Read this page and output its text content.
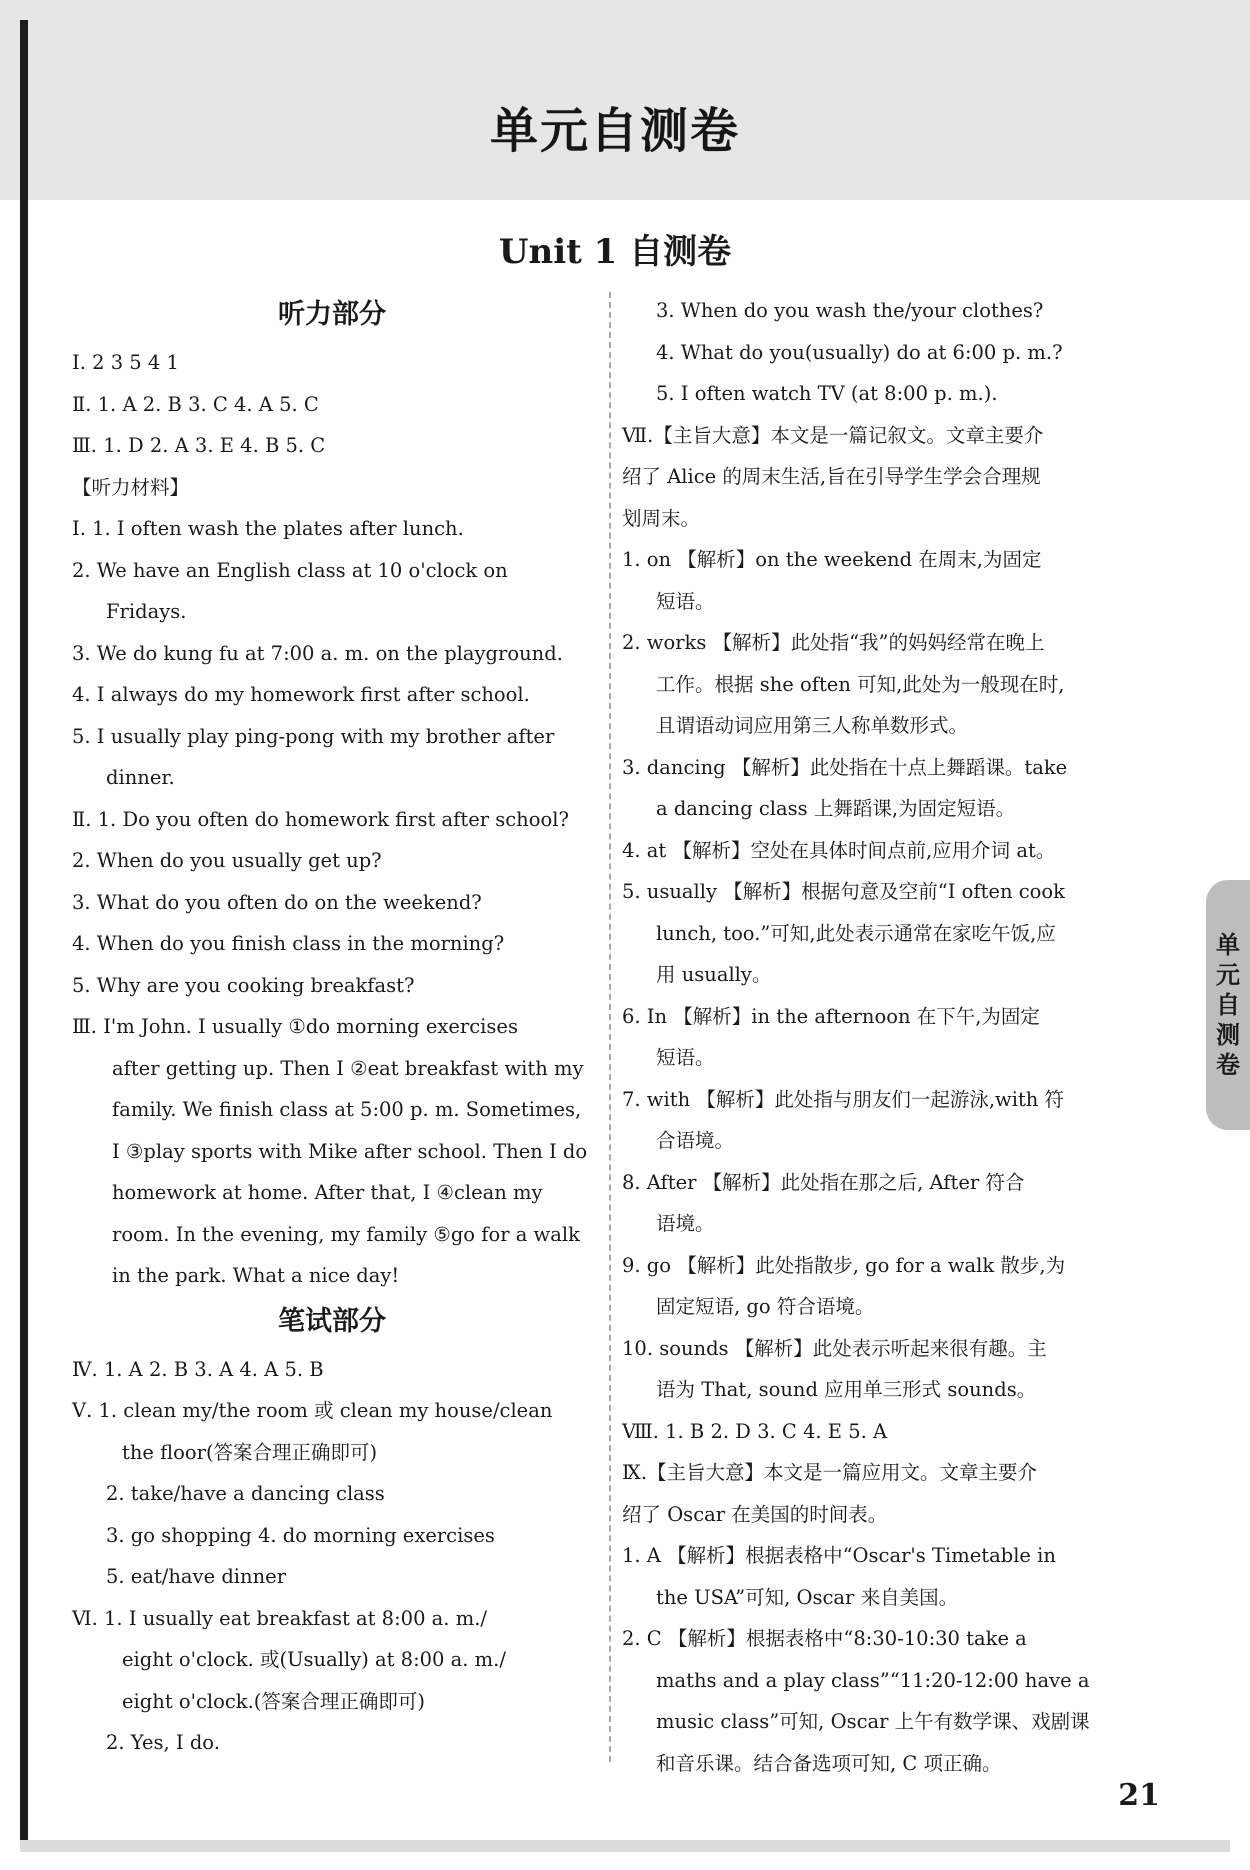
单元自测卷
Unit 1 自测卷
听力部分
Ⅰ. 2 3 5 4 1
Ⅱ. 1. A 2. B 3. C 4. A 5. C
Ⅲ. 1. D 2. A 3. E 4. B 5. C
【听力材料】
Ⅰ. 1. I often wash the plates after lunch.
2. We have an English class at 10 o'clock on
Fridays.
3. We do kung fu at 7:00 a. m. on the playground.
4. I always do my homework first after school.
5. I usually play ping-pong with my brother after
dinner.
Ⅱ. 1. Do you often do homework first after school?
2. When do you usually get up?
3. What do you often do on the weekend?
4. When do you finish class in the morning?
5. Why are you cooking breakfast?
Ⅲ. I'm John. I usually ①do morning exercises
after getting up. Then I ②eat breakfast with my
family. We finish class at 5:00 p. m. Sometimes,
I ③play sports with Mike after school. Then I do
homework at home. After that, I ④clean my
room. In the evening, my family ⑤go for a walk
in the park. What a nice day!
笔试部分
Ⅳ. 1. A 2. B 3. A 4. A 5. B
Ⅴ. 1. clean my/the room 或 clean my house/clean
the floor(答案合理正确即可)
2. take/have a dancing class
3. go shopping 4. do morning exercises
5. eat/have dinner
Ⅵ. 1. I usually eat breakfast at 8:00 a. m./
eight o'clock. 或(Usually) at 8:00 a. m./
eight o'clock.(答案合理正确即可)
2. Yes, I do.
3. When do you wash the/your clothes?
4. What do you(usually) do at 6:00 p. m.?
5. I often watch TV (at 8:00 p. m.).
Ⅶ.【主旨大意】本文是一篇记叙文。文章主要介
绍了 Alice 的周末生活,旨在引导学生学会合理规
划周末。
1. on 【解析】on the weekend 在周末,为固定
短语。
2. works 【解析】此处指“我”的妈妈经常在晚上
工作。根据 she often 可知,此处为一般现在时,
且谓语动词应用第三人称单数形式。
3. dancing 【解析】此处指在十点上舞蹈课。take
a dancing class 上舞蹈课,为固定短语。
4. at 【解析】空处在具体时间点前,应用介词 at。
5. usually 【解析】根据句意及空前“I often cook
lunch, too.”可知,此处表示通常在家吃午饭,应
用 usually。
6. In 【解析】in the afternoon 在下午,为固定
短语。
7. with 【解析】此处指与朋友们一起游泳,with 符
合语境。
8. After 【解析】此处指在那之后, After 符合
语境。
9. go 【解析】此处指散步, go for a walk 散步,为
固定短语, go 符合语境。
10. sounds 【解析】此处表示听起来很有趣。主
语为 That, sound 应用单三形式 sounds。
Ⅷ. 1. B 2. D 3. C 4. E 5. A
Ⅸ.【主旨大意】本文是一篇应用文。文章主要介
绍了 Oscar 在美国的时间表。
1. A 【解析】根据表格中“Oscar's Timetable in
the USA”可知, Oscar 来自美国。
2. C 【解析】根据表格中“8:30-10:30 take a
maths and a play class”“11:20-12:00 have a
music class”可知, Oscar 上午有数学课、戏剧课
和音乐课。结合备选项可知, C 项正确。
单
元
自
测
卷
21
